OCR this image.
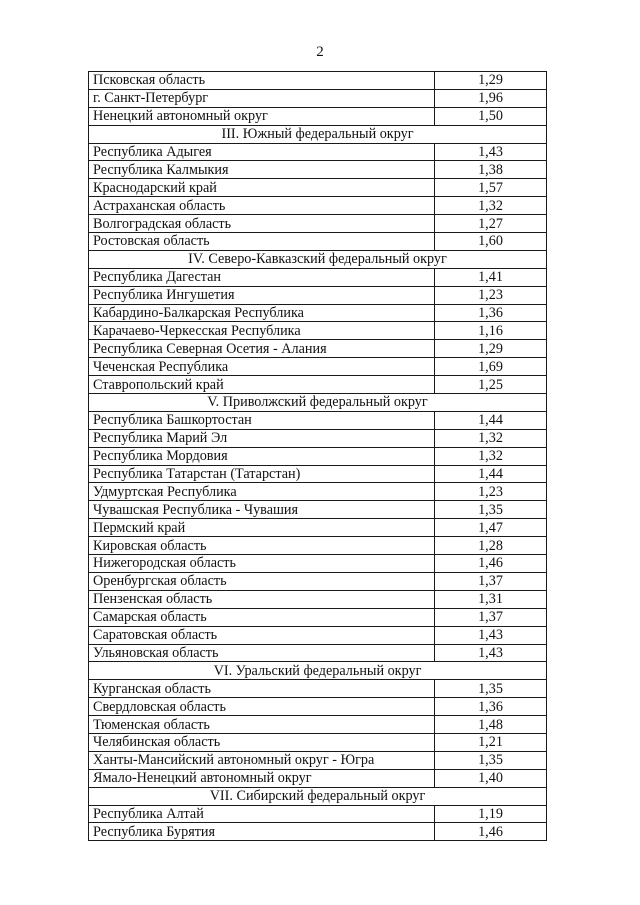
2
Псковская область	1,29
г. Санкт-Петербург	1,96
Ненецкий автономный округ	1,50
III. Южный федеральный округ	
Республика Адыгея	1,43
Республика Калмыкия	1,38
Краснодарский край	1,57
Астраханская область	1,32
Волгоградская область	1,27
Ростовская область	1,60
IV. Северо-Кавказский федеральный округ	
Республика Дагестан	1,41
Республика Ингушетия	1,23
Кабардино-Балкарская Республика	1,36
Карачаево-Черкесская Республика	1,16
Республика Северная Осетия - Алания	1,29
Чеченская Республика	1,69
Ставропольский край	1,25
V. Приволжский федеральный округ	
Республика Башкортостан	1,44
Республика Марий Эл	1,32
Республика Мордовия	1,32
Республика Татарстан (Татарстан)	1,44
Удмуртская Республика	1,23
Чувашская Республика - Чувашия	1,35
Пермский край	1,47
Кировская область	1,28
Нижегородская область	1,46
Оренбургская область	1,37
Пензенская область	1,31
Самарская область	1,37
Саратовская область	1,43
Ульяновская область	1,43
VI. Уральский федеральный округ	
Курганская область	1,35
Свердловская область	1,36
Тюменская область	1,48
Челябинская область	1,21
Ханты-Мансийский автономный округ - Югра	1,35
Ямало-Ненецкий автономный округ	1,40
VII. Сибирский федеральный округ	
Республика Алтай	1,19
Республика Бурятия	1,46
